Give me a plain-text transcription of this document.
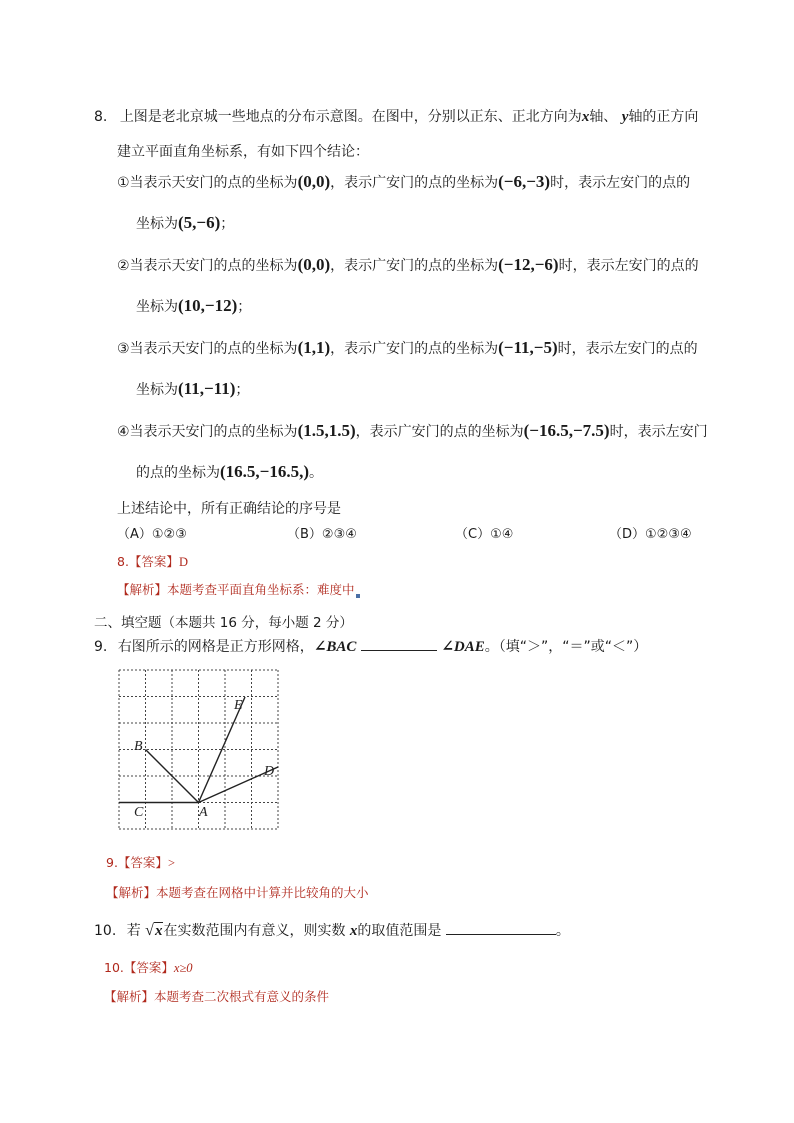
8. 上图是老北京城一些地点的分布示意图。在图中，分别以正东、正北方向为x轴、 y轴的正方向
建立平面直角坐标系，有如下四个结论：
①当表示天安门的点的坐标为(0,0)，表示广安门的点的坐标为(−6,−3)时，表示左安门的点的
坐标为(5,−6)；
②当表示天安门的点的坐标为(0,0)，表示广安门的点的坐标为(−12,−6)时，表示左安门的点的
坐标为(10,−12)；
③当表示天安门的点的坐标为(1,1)，表示广安门的点的坐标为(−11,−5)时，表示左安门的点的
坐标为(11,−11)；
④当表示天安门的点的坐标为(1.5,1.5)，表示广安门的点的坐标为(−16.5,−7.5)时，表示左安门
的点的坐标为(16.5,−16.5,)。
上述结论中，所有正确结论的序号是
（A）①②③	（B）②③④	（C）①④	（D）①②③④
8.【答案】D
【解析】本题考查平面直角坐标系：难度中
二、填空题（本题共 16 分，每小题 2 分）
9. 右图所示的网格是正方形网格，∠BAC	∠DAE。（填“＞”，“＝”或“＜”）
A
B
C
D
E
9.【答案】>
【解析】本题考查在网格中计算并比较角的大小
10. 若 √x在实数范围内有意义，则实数 x的取值范围是	。
10.【答案】x≥0
【解析】本题考查二次根式有意义的条件
